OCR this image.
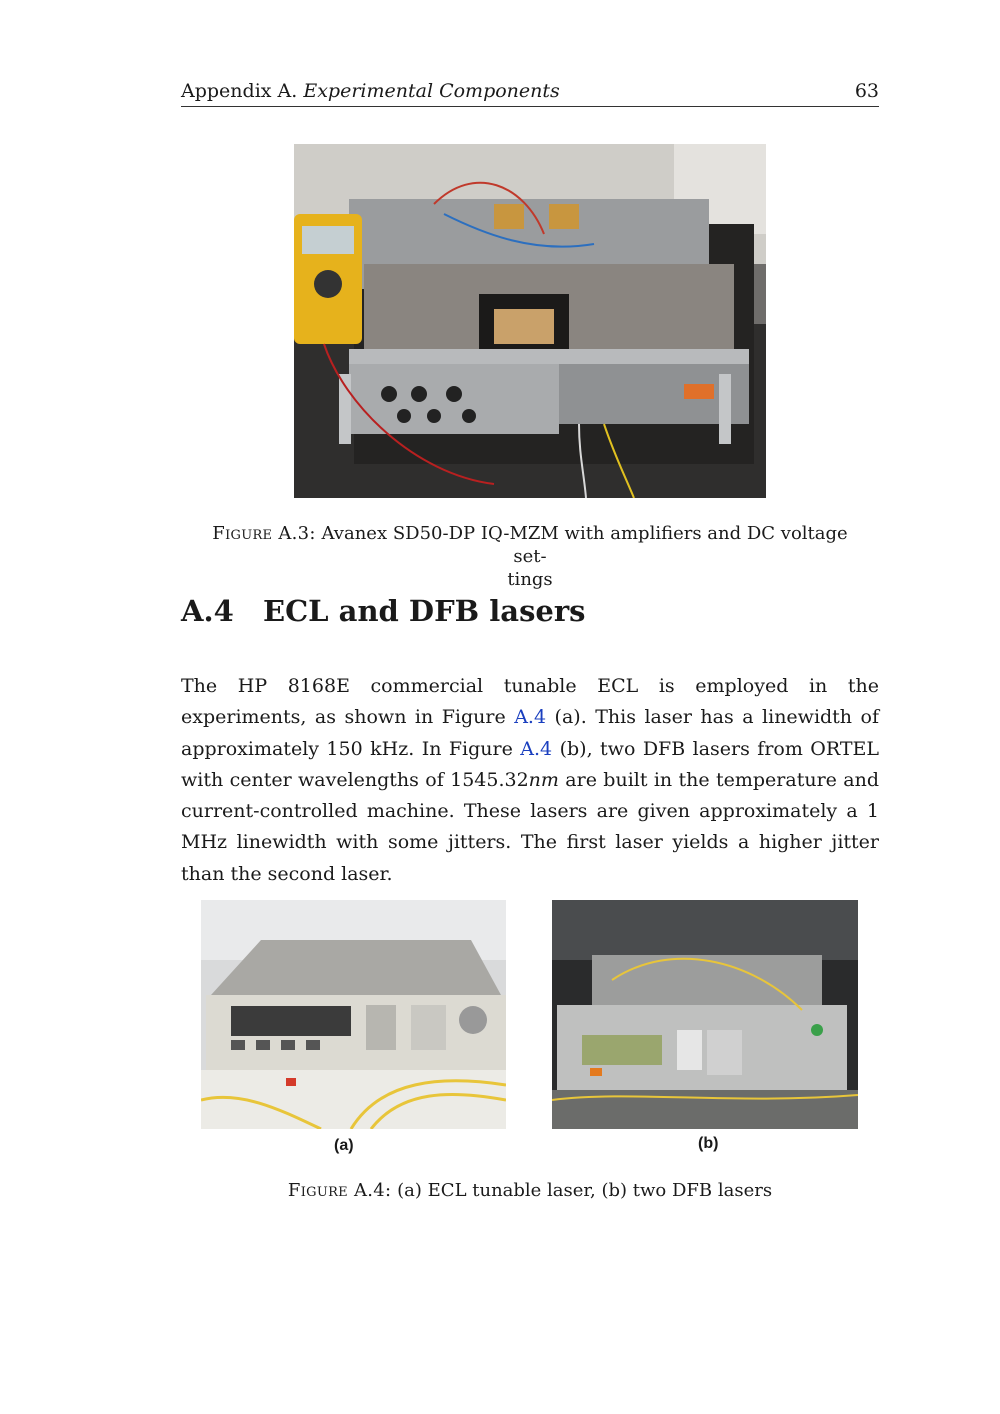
Appendix A. Experimental Components	63
Figure A.3: Avanex SD50-DP IQ-MZM with amplifiers and DC voltage set-
tings
A.4 ECL and DFB lasers
The HP 8168E commercial tunable ECL is employed in the experiments, as shown in Figure A.4 (a). This laser has a linewidth of approximately 150 kHz. In Figure A.4 (b), two DFB lasers from ORTEL with center wavelengths of 1545.32nm are built in the temperature and current-controlled machine. These lasers are given approximately a 1 MHz linewidth with some jitters. The first laser yields a higher jitter than the second laser.
(a)	(b)
Figure A.4: (a) ECL tunable laser, (b) two DFB lasers
